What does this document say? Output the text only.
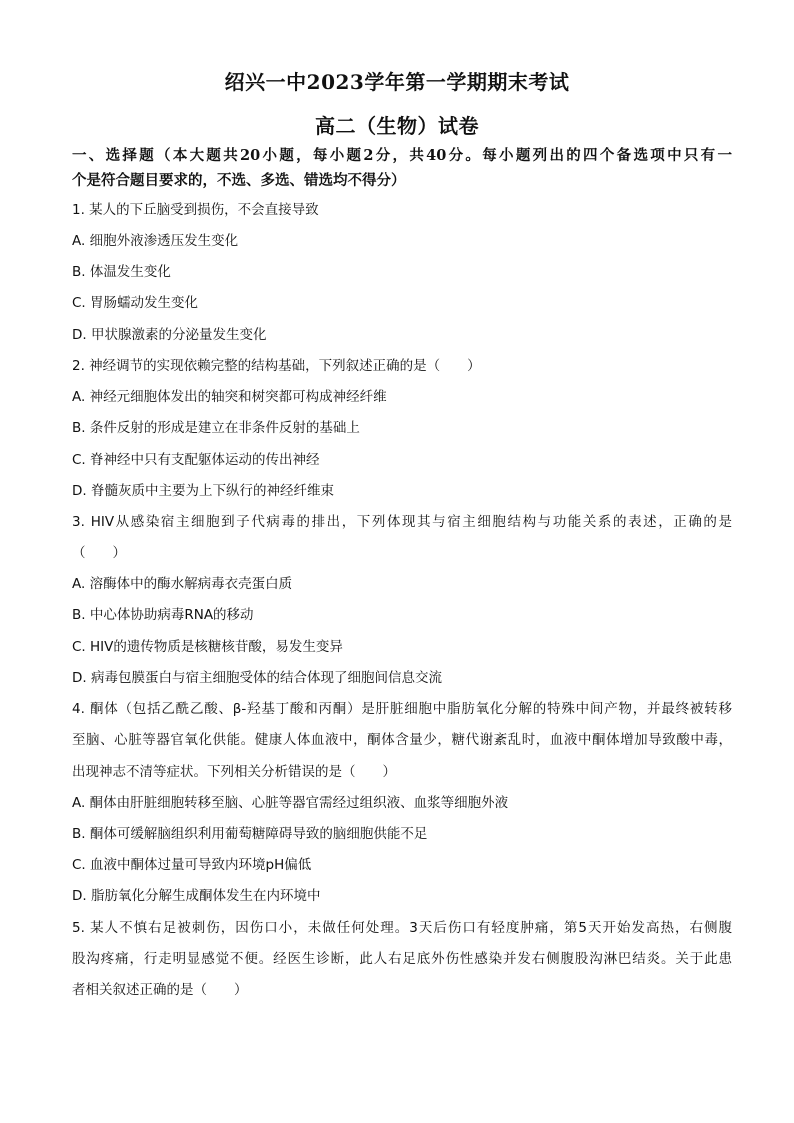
绍兴一中2023学年第一学期期末考试
高二（生物）试卷
一、选择题（本大题共20小题，每小题2分，共40分。每小题列出的四个备选项中只有一
个是符合题目要求的，不选、多选、错选均不得分）
1. 某人的下丘脑受到损伤，不会直接导致
A. 细胞外液渗透压发生变化
B. 体温发生变化
C. 胃肠蠕动发生变化
D. 甲状腺激素的分泌量发生变化
2. 神经调节的实现依赖完整的结构基础，下列叙述正确的是（　　）
A. 神经元细胞体发出的轴突和树突都可构成神经纤维
B. 条件反射的形成是建立在非条件反射的基础上
C. 脊神经中只有支配躯体运动的传出神经
D. 脊髓灰质中主要为上下纵行的神经纤维束
3. HIV从感染宿主细胞到子代病毒的排出，下列体现其与宿主细胞结构与功能关系的表述，正确的是
（　　）
A. 溶酶体中的酶水解病毒衣壳蛋白质
B. 中心体协助病毒RNA的移动
C. HIV的遗传物质是核糖核苷酸，易发生变异
D. 病毒包膜蛋白与宿主细胞受体的结合体现了细胞间信息交流
4. 酮体（包括乙酰乙酸、β-羟基丁酸和丙酮）是肝脏细胞中脂肪氧化分解的特殊中间产物，并最终被转移
至脑、心脏等器官氧化供能。健康人体血液中，酮体含量少，糖代谢紊乱时，血液中酮体增加导致酸中毒，
出现神志不清等症状。下列相关分析错误的是（　　）
A. 酮体由肝脏细胞转移至脑、心脏等器官需经过组织液、血浆等细胞外液
B. 酮体可缓解脑组织利用葡萄糖障碍导致的脑细胞供能不足
C. 血液中酮体过量可导致内环境pH偏低
D. 脂肪氧化分解生成酮体发生在内环境中
5. 某人不慎右足被刺伤，因伤口小，未做任何处理。3天后伤口有轻度肿痛，第5天开始发高热，右侧腹
股沟疼痛，行走明显感觉不便。经医生诊断，此人右足底外伤性感染并发右侧腹股沟淋巴结炎。关于此患
者相关叙述正确的是（　　）
